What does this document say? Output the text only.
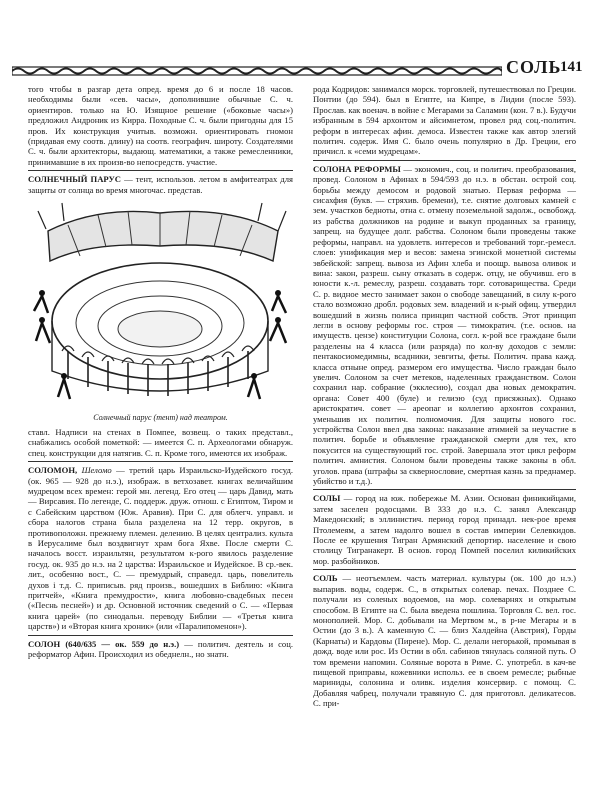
СОЛЬ
141

того чтобы в разгар дета опред. время до 6 и после 18 часов. необходимы были «сев. часы», дополнившие обычные С. ч. ориентиров. только на Ю. Изящное решение («боковые часы») предложил Андроник из Кирра. Походные С. ч. были пригодны для 15 пров. Их конструкция учитыв. возможн. ориентировать гномон (придавая ему соотв. длину) на соотв. географич. широту. Создателями С. ч. были архитекторы, выдающ. математики, а также ремесленники, принимавшие в их произв-во непосредств. участие.

СОЛНЕЧНЫЙ ПАРУС — тент, использов. летом в амфитеатрах для защиты от солнца во время многочас. представ.

Солнечный парус (тент) над театром.

ставл. Надписи на стенах в Помпее, возвещ. о таких представл., снабжались особой пометкой: — имеется С. п. Археологами обнаруж. спец. конструкции для натягив. С. п. Кроме того, имеются их изображ.

СОЛОМОН, Шеломо — третий царь Израильско-Иудейского госуд. (ок. 965 — 928 до н.э.), изображ. в ветхозавет. книгах величайшим мудрецом всех времен: герой мн. легенд. Его отец — царь Давид, мать — Вирсавия. По легенде, С. поддерж. друж. отнош. с Египтом, Тиром и с Сабейским царством (Юж. Аравия). При С. для облегч. управл. и сбора налогов страна была разделена на 12 терр. округов, в противоположн. прежнему племен. делению. В целях централиз. культа в Иерусалиме был воздвигнут храм бога Яхве. После смерти С. началось восст. израильтян, результатом к-рого явилось разделение госуд. ок. 935 до н.э. на 2 царства: Израильское и Иудейское. В ср.-век. лит., особенно вост., С. — премудрый, справедл. царь, повелитель духов і т.д. С. приписыв. ряд произв., вошедших в Библию: «Книга притчей», «Книга премудрости», книга любовно-свадебных песен («Песнь песней») и др. Основной источник сведений о С. — «Первая книга царей» (по синодальн. переводу Библии — «Третья книга царств») и «Вторая книга хроник» (или «Паралипоменон»).

СОЛОН (640/635 — ок. 559 до н.э.) — политич. деятель и соц. реформатор Афин. Происходил из обеднелн., но знатн.

рода Кодридов: занимался морск. торговлей, путешествовал по Греции. Понтии (до 594). был в Египте, на Кипре, в Лидии (после 593). Прослав. как военач. в войне с Мегарами за Саламин (кон. 7 в.). Будучи избранным в 594 архонтом и айсимнетом, провел ряд соц.-политич. реформ в интересах афин. демоса. Известен также как автор элегий политич. содерж. Имя С. было очень популярно в Др. Греции, его причисл. к «семи мудрецам».

СОЛОНА РЕФОРМЫ — экономич., соц. и политич. преобразования, провед. Солоном в Афинах в 594/593 до н.э. в обстан. острой соц. борьбы между демосом и родовой знатью. Первая реформа — сисахфия (букв. — стряхив. бремени), т.е. снятие долговых камней с зем. участков бедноты, отна с. отмену поземельной задолж., освобожд. из рабства должников на родине и выкуп проданных за границу, запрещ. на будущее долг. рабства. Солоном были проведены также реформы, направл. на удовлетв. интересов и требований торг.-ремесл. слоев: унификация мер и весов: замена эгинской монетной системы эвбейской: запрещ. вывоза из Афин хлеба и поощр. вывоза оливок и вина: закон, разреш. сыну отказать в содерж. отцу, не обучивш. его в юности к.-л. ремеслу, разреш. создавать торг. сотоварищества. Среди С. р. видное место занимает закон о свободе завещаний, в силу к-рого стало возможно дробл. родовых зем. владений и к-рый офиц. утвердил вошедший в жизнь полиса принцип частной собств. Этот принцип легли в основу реформы гос. строя — тимократич. (т.е. основ. на имуществ. цензе) конституции Солона, согл. к-рой все граждане были разделены на 4 класса (или разряда) по кол-ву доходов с земли: пентакосиомедимны, всадники, зевгиты, феты. Политич. права кажд. класса отныне опред. размером его имущества. Число граждан было увелич. Солоном за счет метеков, наделенных гражданством. Солон сохранил нар. собрание (экклесию), создал два новых демократич. органа: Совет 400 (буле) и гелиэю (суд присяжных). Однако аристократич. совет — ареопаг и коллегию архонтов сохранил, уменьшив их политич. полномочия. Для защиты нового гос. устройства Солон ввел два закона: наказание атимией за неучастие в политич. борьбе и объявление гражданской смерти для тех, кто покусится на существующий гос. строй. Завершала этот цикл реформ политич. амнистия. Солоном были проведены также законы в обл. уголов. права (штрафы за сквернословие, смертная казнь за преднамер. убийство и т.д.).

СОЛЫ — город на юж. побережье М. Азии. Основан финикийцами, затем заселен родосцами. В 333 до н.э. С. занял Александр Македонский; в эллинистич. период город принадл. нек-рое время Птолемеям, а затем надолго вошел в состав империи Селевкидов. После ее крушения Тигран Армянский депортир. население и свою столицу Тигранакерт. В основ. город Помпей поселил киликийских мор. разбойников.

СОЛЬ — неотъемлем. часть материал. культуры (ок. 100 до н.э.) выпарив. воды, содерж. С., в открытых солевар. печах. Позднее С. получали из соленых водоемов, на мор. солеварнях и открытым способом. В Египте на С. была введена пошлина. Торговля С. вел. гос. монополией. Мор. С. добывали на Мертвом м., в р-не Мегары и в Остии (до 3 в.). А каменную С. — близ Халдейна (Австрия), Горды (Карнаты) и Кардовы (Пирене). Мор. С. делали негорькой, промывая в дожд. воде или рос. Из Остии в обл. сабинов тянулась соляной путь. О том времени напомин. Соляные ворота в Риме. С. употребл. в кач-ве пищевой приправы, кожевники использ. ее в своем ремесле; рыбные мариниды, солонина и оливк. изделия консервир. с помощ. С. Добавляя чабрец, получали травяную С. для приготовл. деликатесов. С. при-
